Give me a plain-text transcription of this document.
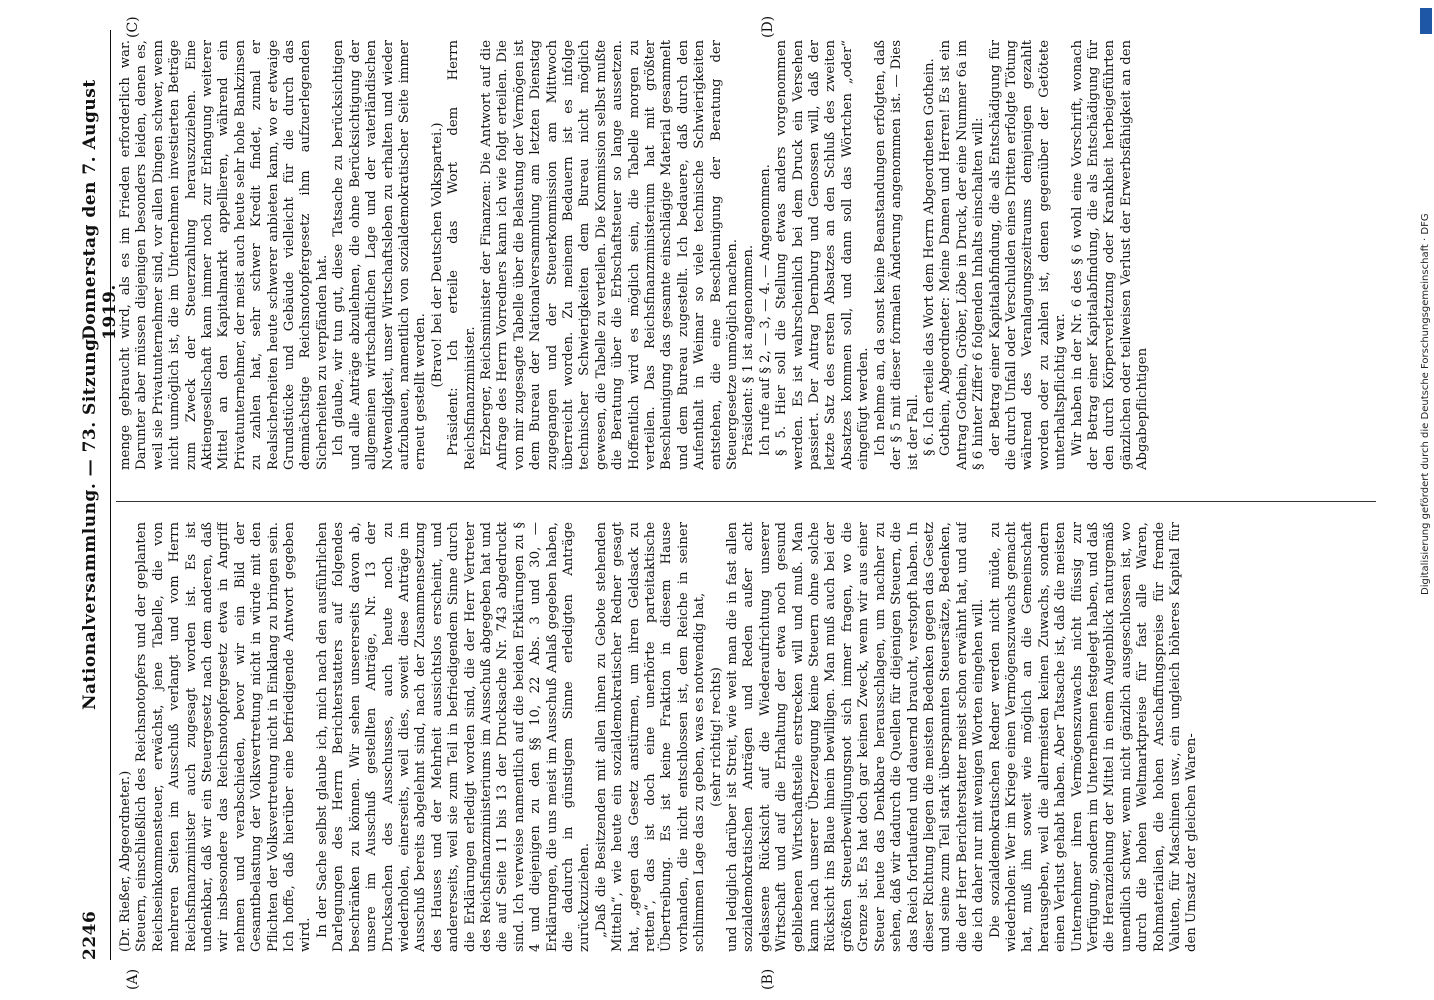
2246
Nationalversammlung. — 73. Sitzung.
Donnerstag den 7. August 1919.
(A)	(B)
(C)	(D)

(Dr. Rießer, Abgeordneter.) Steuern, einschließlich des Reichsnotopfers und der geplanten Reichseinkommensteuer, erwächst, jene Tabelle, die von mehreren Seiten im Ausschuß verlangt und vom Herrn Reichsfinanzminister auch zugesagt worden ist. Es ist undenkbar, daß wir ein Steuergesetz nach dem anderen, daß wir insbesondere das Reichsnotopfergesetz etwa in Angriff nehmen und verabschieden, bevor wir ein Bild der Gesamtbelastung der Volksvertretung nicht in würde mit den Pflichten der Volksvertretung nicht in Einklang zu bringen sein. Ich hoffe, daß hierüber eine befriedigende Antwort gegeben wird. In der Sache selbst glaube ich, mich nach den ausführlichen Darlegungen des Herrn Berichterstatters auf folgendes beschränken zu können. Wir sehen unsererseits davon ab, unsere im Ausschuß gestellten Anträge, Nr. 13 der Drucksachen des Ausschusses, auch heute noch zu wiederholen, einerseits, weil dies, soweit diese Anträge im Ausschuß bereits abgelehnt sind, nach der Zusammensetzung des Hauses und der Mehrheit aussichtslos erscheint, und andererseits, weil sie zum Teil in befriedigendem Sinne durch die Erklärungen erledigt worden sind, die der Herr Vertreter des Reichsfinanzministeriums im Ausschuß abgegeben hat und die auf Seite 11 bis 13 der Drucksache Nr. 743 abgedruckt sind. Ich verweise namentlich auf die beiden Erklärungen zu § 4 und diejenigen zu den §§ 10, 22 Abs. 3 und 30, — Erklärungen, die uns meist im Ausschuß Anlaß gegeben haben, die dadurch in günstigem Sinne erledigten Anträge zurückzuziehen. „Daß die Besitzenden mit allen ihnen zu Gebote stehenden Mitteln“, wie heute ein sozialdemokratischer Redner gesagt hat, „gegen das Gesetz anstürmen, um ihren Geldsack zu retten“, das ist doch eine unerhörte parteitaktische Übertreibung. Es ist keine Fraktion in diesem Hause vorhanden, die nicht entschlossen ist, dem Reiche in seiner schlimmen Lage das zu geben, was es notwendig hat, (sehr richtig! rechts) und lediglich darüber ist Streit, wie weit man die in fast allen sozialdemokratischen Anträgen und Reden außer acht gelassene Rücksicht auf die Wiederaufrichtung unserer Wirtschaft und auf die Erhaltung der etwa noch gesund gebliebenen Wirtschaftsteile erstrecken will und muß. Man kann nach unserer Überzeugung keine Steuern ohne solche Rücksicht ins Blaue hinein bewilligen. Man muß auch bei der größten Steuerbewilligungsnot sich immer fragen, wo die Grenze ist. Es hat doch gar keinen Zweck, wenn wir aus einer Steuer heute das Denkbare herausschlagen, um nachher zu sehen, daß wir dadurch die Quellen für diejenigen Steuern, die das Reich fortlaufend und dauernd braucht, verstopft haben. In dieser Richtung liegen die meisten Bedenken gegen das Gesetz und seine zum Teil stark überspannten Steuersätze, Bedenken, die der Herr Berichterstatter meist schon erwähnt hat, und auf die ich daher nur mit wenigen Worten eingehen will. Die sozialdemokratischen Redner werden nicht müde, zu wiederholen: Wer im Kriege einen Vermögenszuwachs gemacht hat, muß ihn soweit wie möglich an die Gemeinschaft herausgeben, weil die allermeisten keinen Zuwachs, sondern einen Verlust gehabt haben. Aber Tatsache ist, daß die meisten Unternehmer ihren Vermögenszuwachs nicht flüssig zur Verfügung, sondern im Unternehmen festgelegt haben, und daß die Heranziehung der Mittel in einem Augenblick naturgemäß unendlich schwer, wenn nicht gänzlich ausgeschlossen ist, wo durch die hohen Weltmarktpreise für fast alle Waren, Rohmaterialien, die hohen Anschaffungspreise für fremde Valuten, für Maschinen usw., ein ungleich höheres Kapital für den Umsatz der gleichen Waren-

menge gebraucht wird, als es im Frieden erforderlich war. Darunter aber müssen diejenigen besonders leiden, denen es, weil sie Privatunternehmer sind, vor allen Dingen schwer, wenn nicht unmöglich ist, die im Unternehmen investierten Beträge zum Zweck der Steuerzahlung herauszuziehen. Eine Aktiengesellschaft kann immer noch zur Erlangung weiterer Mittel an den Kapitalmarkt appellieren, während ein Privatunternehmer, der meist auch heute sehr hohe Bankzinsen zu zahlen hat, sehr schwer Kredit findet, zumal er Realsicherheiten heute schwerer anbieten kann, wo er etwaige Grundstücke und Gebäude vielleicht für die durch das demnächstige Reichsnotopfergesetz ihm aufzuerlegenden Sicherheiten zu verpfänden hat. Ich glaube, wir tun gut, diese Tatsache zu berücksichtigen und alle Anträge abzulehnen, die ohne Berücksichtigung der allgemeinen wirtschaftlichen Lage und der vaterländischen Notwendigkeit, unser Wirtschaftsleben zu erhalten und wieder aufzubauen, namentlich von sozialdemokratischer Seite immer erneut gestellt werden.

(Bravo! bei der Deutschen Volkspartei.) Präsident: Ich erteile das Wort dem Herrn Reichsfinanzminister. Erzberger, Reichsminister der Finanzen: Die Antwort auf die Anfrage des Herrn Vorredners kann ich wie folgt erteilen. Die von mir zugesagte Tabelle über die Belastung der Vermögen ist dem Bureau der Nationalversammlung am letzten Dienstag zugegangen und der Steuerkommission am Mittwoch überreicht worden. Zu meinem Bedauern ist es infolge technischer Schwierigkeiten dem Bureau nicht möglich gewesen, die Tabelle zu verteilen. Die Kommission selbst mußte die Beratung über die Erbschaftsteuer so lange aussetzen. Hoffentlich wird es möglich sein, die Tabelle morgen zu verteilen. Das Reichsfinanzministerium hat mit größter Beschleunigung das gesamte einschlägige Material gesammelt und dem Bureau zugestellt. Ich bedauere, daß durch den Aufenthalt in Weimar so viele technische Schwierigkeiten entstehen, die eine Beschleunigung der Beratung der Steuergesetze unmöglich machen. Präsident: § 1 ist angenommen. Ich rufe auf § 2, — 3, — 4. — Angenommen. § 5. Hier soll die Stellung etwas anders vorgenommen werden. Es ist wahrscheinlich bei dem Druck ein Versehen passiert. Der Antrag Dernburg und Genossen will, daß der letzte Satz des ersten Absatzes an den Schluß des zweiten Absatzes kommen soll, und dann soll das Wörtchen „oder“ eingefügt werden. Ich nehme an, da sonst keine Beanstandungen erfolgten, daß der § 5 mit dieser formalen Änderung angenommen ist. — Dies ist der Fall. § 6. Ich erteile das Wort dem Herrn Abgeordneten Gothein. Gothein, Abgeordneter: Meine Damen und Herren! Es ist ein Antrag Gothein, Gröber, Löbe in Druck, der eine Nummer 6a im § 6 hinter Ziffer 6 folgenden Inhalts einschalten will: der Betrag einer Kapitalabfindung, die als Entschädigung für die durch Unfall oder Verschulden eines Dritten erfolgte Tötung während des Veranlagungszeitraums demjenigen gezahlt worden oder zu zahlen ist, denen gegenüber der Getötete unterhaltspflichtig war. Wir haben in der Nr. 6 des § 6 wohl eine Vorschrift, wonach der Betrag einer Kapitalabfindung, die als Entschädigung für den durch Körperverletzung oder Krankheit herbeigeführten gänzlichen oder teilweisen Verlust der Erwerbsfähigkeit an den Abgabepflichtigen	Digitalisierung gefördert durch die Deutsche Forschungsgemeinschaft · DFG
